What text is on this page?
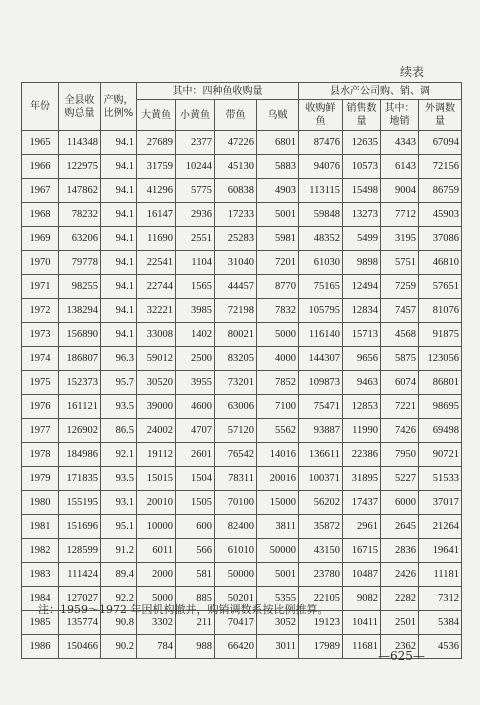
续表
年份	全县收购总量	产购，比例%	其中：四种鱼收购量				县水产公司购、销、调			
			大黄鱼	小黄鱼	带鱼	乌贼	收购鲜鱼	销售数量	其中：地销	外调数量
1965	114348	94.1	27689	2377	47226	6801	87476	12635	4343	67094
1966	122975	94.1	31759	10244	45130	5883	94076	10573	6143	72156
1967	147862	94.1	41296	5775	60838	4903	113115	15498	9004	86759
1968	78232	94.1	16147	2936	17233	5001	59848	13273	7712	45903
1969	63206	94.1	11690	2551	25283	5981	48352	5499	3195	37086
1970	79778	94.1	22541	1104	31040	7201	61030	9898	5751	46810
1971	98255	94.1	22744	1565	44457	8770	75165	12494	7259	57651
1972	138294	94.1	32221	3985	72198	7832	105795	12834	7457	81076
1973	156890	94.1	33008	1402	80021	5000	116140	15713	4568	91875
1974	186807	96.3	59012	2500	83205	4000	144307	9656	5875	123056
1975	152373	95.7	30520	3955	73201	7852	109873	9463	6074	86801
1976	161121	93.5	39000	4600	63006	7100	75471	12853	7221	98695
1977	126902	86.5	24002	4707	57120	5562	93887	11990	7426	69498
1978	184986	92.1	19112	2601	76542	14016	136611	22386	7950	90721
1979	171835	93.5	15015	1504	78311	20016	100371	31895	5227	51533
1980	155195	93.1	20010	1505	70100	15000	56202	17437	6000	37017
1981	151696	95.1	10000	600	82400	3811	35872	2961	2645	21264
1982	128599	91.2	6011	566	61010	50000	43150	16715	2836	19641
1983	111424	89.4	2000	581	50000	5001	23780	10487	2426	11181
1984	127027	92.2	5000	885	50201	5355	22105	9082	2282	7312
1985	135774	90.8	3302	211	70417	3052	19123	10411	2501	5384
1986	150466	90.2	784	988	66420	3011	17989	11681	2362	4536
注：1959～1972 年因机构撤并，购销调数系按比例推算。
—625—
